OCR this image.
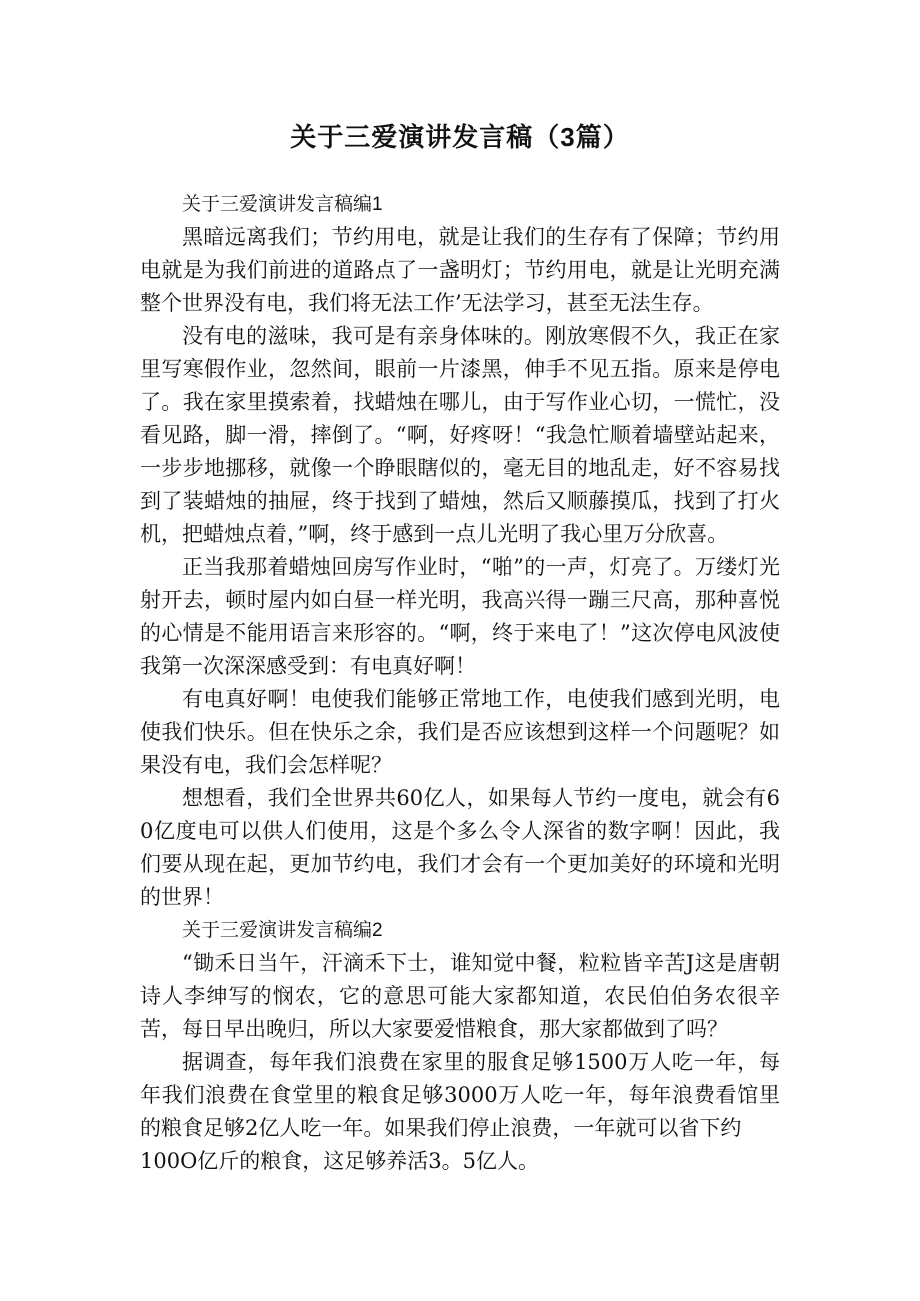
关于三爱演讲发言稿（3篇）

关于三爱演讲发言稿编1

黑暗远离我们；节约用电，就是让我们的生存有了保障；节约用电就是为我们前进的道路点了一盏明灯；节约用电，就是让光明充满整个世界没有电，我们将无法工作’无法学习，甚至无法生存。

没有电的滋味，我可是有亲身体味的。刚放寒假不久，我正在家里写寒假作业，忽然间，眼前一片漆黑，伸手不见五指。原来是停电了。我在家里摸索着，找蜡烛在哪儿，由于写作业心切，一慌忙，没看见路，脚一滑，摔倒了。“啊，好疼呀！“我急忙顺着墙壁站起来，一步步地挪移，就像一个睁眼瞎似的，毫无目的地乱走，好不容易找到了装蜡烛的抽屉，终于找到了蜡烛，然后又顺藤摸瓜，找到了打火机，把蜡烛点着，”啊，终于感到一点儿光明了我心里万分欣喜。

正当我那着蜡烛回房写作业时，“啪”的一声，灯亮了。万缕灯光射开去，顿时屋内如白昼一样光明，我高兴得一蹦三尺高，那种喜悦的心情是不能用语言来形容的。“啊，终于来电了！”这次停电风波使我第一次深深感受到：有电真好啊！

有电真好啊！电使我们能够正常地工作，电使我们感到光明，电使我们快乐。但在快乐之余，我们是否应该想到这样一个问题呢？如果没有电，我们会怎样呢？

想想看，我们全世界共60亿人，如果每人节约一度电，就会有60亿度电可以供人们使用，这是个多么令人深省的数字啊！因此，我们要从现在起，更加节约电，我们才会有一个更加美好的环境和光明的世界！

关于三爱演讲发言稿编2

“锄禾日当午，汗滴禾下士，谁知觉中餐，粒粒皆辛苦J这是唐朝诗人李绅写的悯农，它的意思可能大家都知道，农民伯伯务农很辛苦，每日早出晚归，所以大家要爱惜粮食，那大家都做到了吗？

据调查，每年我们浪费在家里的服食足够1500万人吃一年，每年我们浪费在食堂里的粮食足够3000万人吃一年，每年浪费看馆里的粮食足够2亿人吃一年。如果我们停止浪费，一年就可以省下约

100O亿斤的粮食，这足够养活3。5亿人。
